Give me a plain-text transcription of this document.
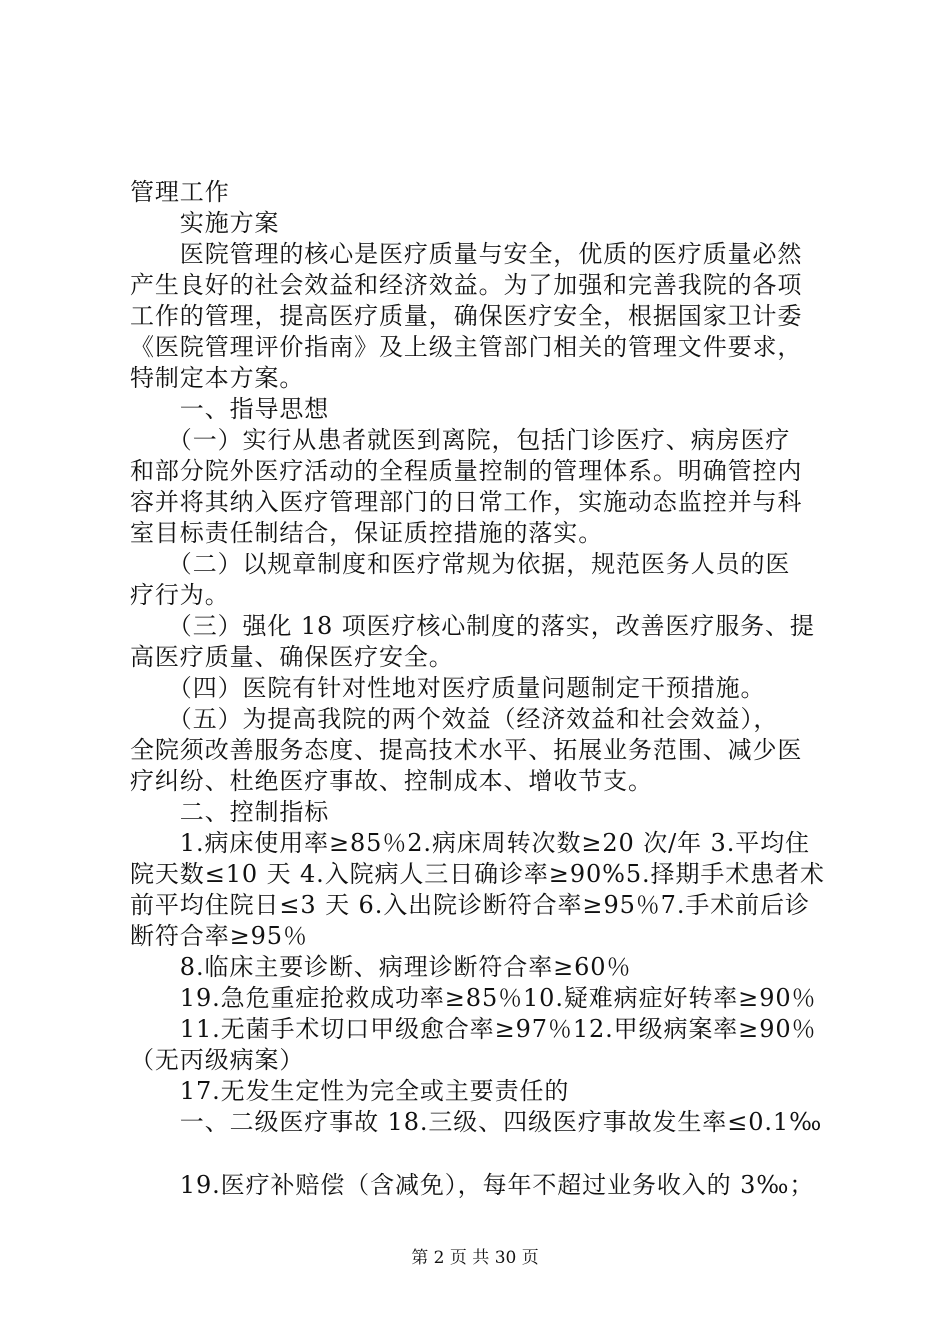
管理工作
　　实施方案
　　医院管理的核心是医疗质量与安全，优质的医疗质量必然
产生良好的社会效益和经济效益。为了加强和完善我院的各项
工作的管理，提高医疗质量，确保医疗安全，根据国家卫计委
《医院管理评价指南》及上级主管部门相关的管理文件要求，
特制定本方案。
　　一、指导思想
　　（一）实行从患者就医到离院，包括门诊医疗、病房医疗
和部分院外医疗活动的全程质量控制的管理体系。明确管控内
容并将其纳入医疗管理部门的日常工作，实施动态监控并与科
室目标责任制结合，保证质控措施的落实。
　　（二）以规章制度和医疗常规为依据，规范医务人员的医
疗行为。
　　（三）强化 18 项医疗核心制度的落实，改善医疗服务、提
高医疗质量、确保医疗安全。
　　（四）医院有针对性地对医疗质量问题制定干预措施。
　　（五）为提高我院的两个效益（经济效益和社会效益），
全院须改善服务态度、提高技术水平、拓展业务范围、减少医
疗纠纷、杜绝医疗事故、控制成本、增收节支。
　　二、控制指标
　　1.病床使用率≥85％2.病床周转次数≥20 次/年 3.平均住
院天数≤10 天 4.入院病人三日确诊率≥90%5.择期手术患者术
前平均住院日≤3 天 6.入出院诊断符合率≥95％7.手术前后诊
断符合率≥95％
　　8.临床主要诊断、病理诊断符合率≥60％
　　19.急危重症抢救成功率≥85％10.疑难病症好转率≥90％
　　11.无菌手术切口甲级愈合率≥97％12.甲级病案率≥90％
（无丙级病案）
　　17.无发生定性为完全或主要责任的
　　一、二级医疗事故 18.三级、四级医疗事故发生率≤0.1‰
　　19.医疗补赔偿（含减免），每年不超过业务收入的 3‰；
第 2 页 共 30 页
